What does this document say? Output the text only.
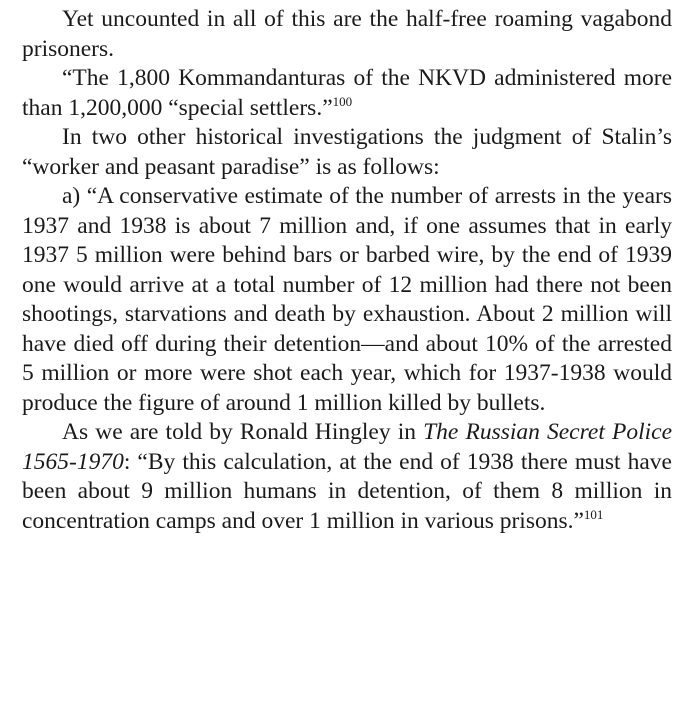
Yet uncounted in all of this are the half-free roaming vagabond prisoners.

“The 1,800 Kommandanturas of the NKVD administered more than 1,200,000 “special settlers.”$^{100}$

In two other historical investigations the judgment of Stalin’s “worker and peasant paradise” is as follows:

a) “A conservative estimate of the number of arrests in the years 1937 and 1938 is about 7 million and, if one assumes that in early 1937 5 million were behind bars or barbed wire, by the end of 1939 one would arrive at a total number of 12 million had there not been shootings, starvations and death by exhaustion. About 2 million will have died off during their detention—and about 10% of the arrested 5 million or more were shot each year, which for 1937-1938 would produce the figure of around 1 million killed by bullets.

As we are told by Ronald Hingley in The Russian Secret Police 1565-1970: “By this calculation, at the end of 1938 there must have been about 9 million humans in detention, of them 8 million in concentration camps and over 1 million in various prisons.”$^{101}$
